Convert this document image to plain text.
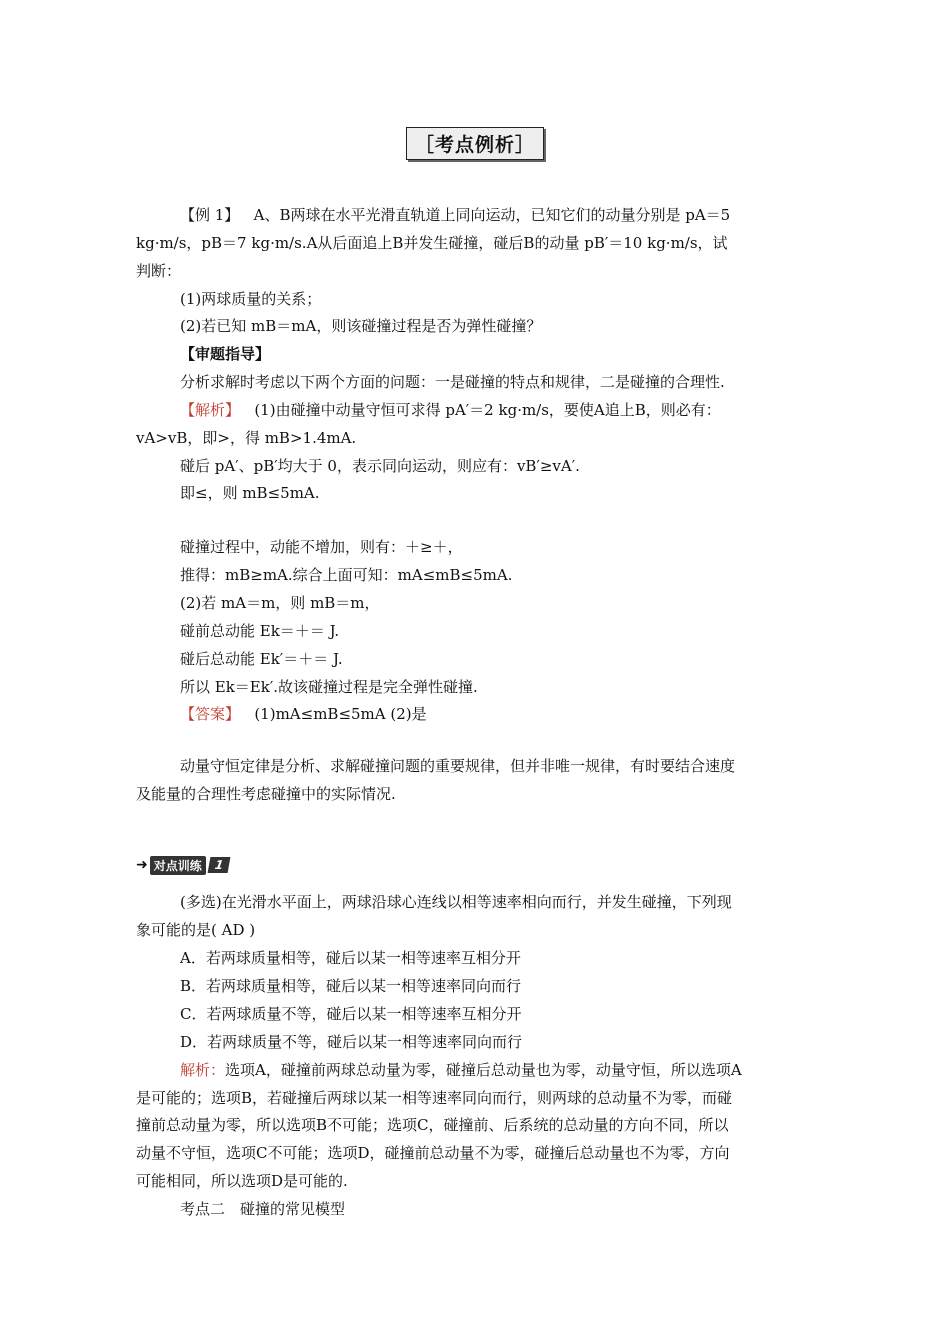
［考点例析］
【例 1】 A、B两球在水平光滑直轨道上同向运动，已知它们的动量分别是 pA＝5
kg·m/s，pB＝7 kg·m/s.A从后面追上B并发生碰撞，碰后B的动量 pB′＝10 kg·m/s，试
判断：
(1)两球质量的关系；
(2)若已知 mB＝mA，则该碰撞过程是否为弹性碰撞？
【审题指导】
分析求解时考虑以下两个方面的问题：一是碰撞的特点和规律，二是碰撞的合理性.
【解析】 (1)由碰撞中动量守恒可求得 pA′＝2 kg·m/s，要使A追上B，则必有：
vA>vB，即>，得 mB>1.4mA.
碰后 pA′、pB′均大于 0，表示同向运动，则应有：vB′≥vA′.
即≤，则 mB≤5mA.
碰撞过程中，动能不增加，则有：＋≥＋，
推得：mB≥mA.综合上面可知：mA≤mB≤5mA.
(2)若 mA＝m，则 mB＝m，
碰前总动能 Ek＝＋＝ J.
碰后总动能 Ek′＝＋＝ J.
所以 Ek＝Ek′.故该碰撞过程是完全弹性碰撞.
【答案】 (1)mA≤mB≤5mA (2)是
动量守恒定律是分析、求解碰撞问题的重要规律，但并非唯一规律，有时要结合速度
及能量的合理性考虑碰撞中的实际情况.
➜ 对点训练 1
(多选)在光滑水平面上，两球沿球心连线以相等速率相向而行，并发生碰撞，下列现
象可能的是( AD )
A．若两球质量相等，碰后以某一相等速率互相分开
B．若两球质量相等，碰后以某一相等速率同向而行
C．若两球质量不等，碰后以某一相等速率互相分开
D．若两球质量不等，碰后以某一相等速率同向而行
解析：选项A，碰撞前两球总动量为零，碰撞后总动量也为零，动量守恒，所以选项A
是可能的；选项B，若碰撞后两球以某一相等速率同向而行，则两球的总动量不为零，而碰
撞前总动量为零，所以选项B不可能；选项C，碰撞前、后系统的总动量的方向不同，所以
动量不守恒，选项C不可能；选项D，碰撞前总动量不为零，碰撞后总动量也不为零，方向
可能相同，所以选项D是可能的.
考点二　碰撞的常见模型
